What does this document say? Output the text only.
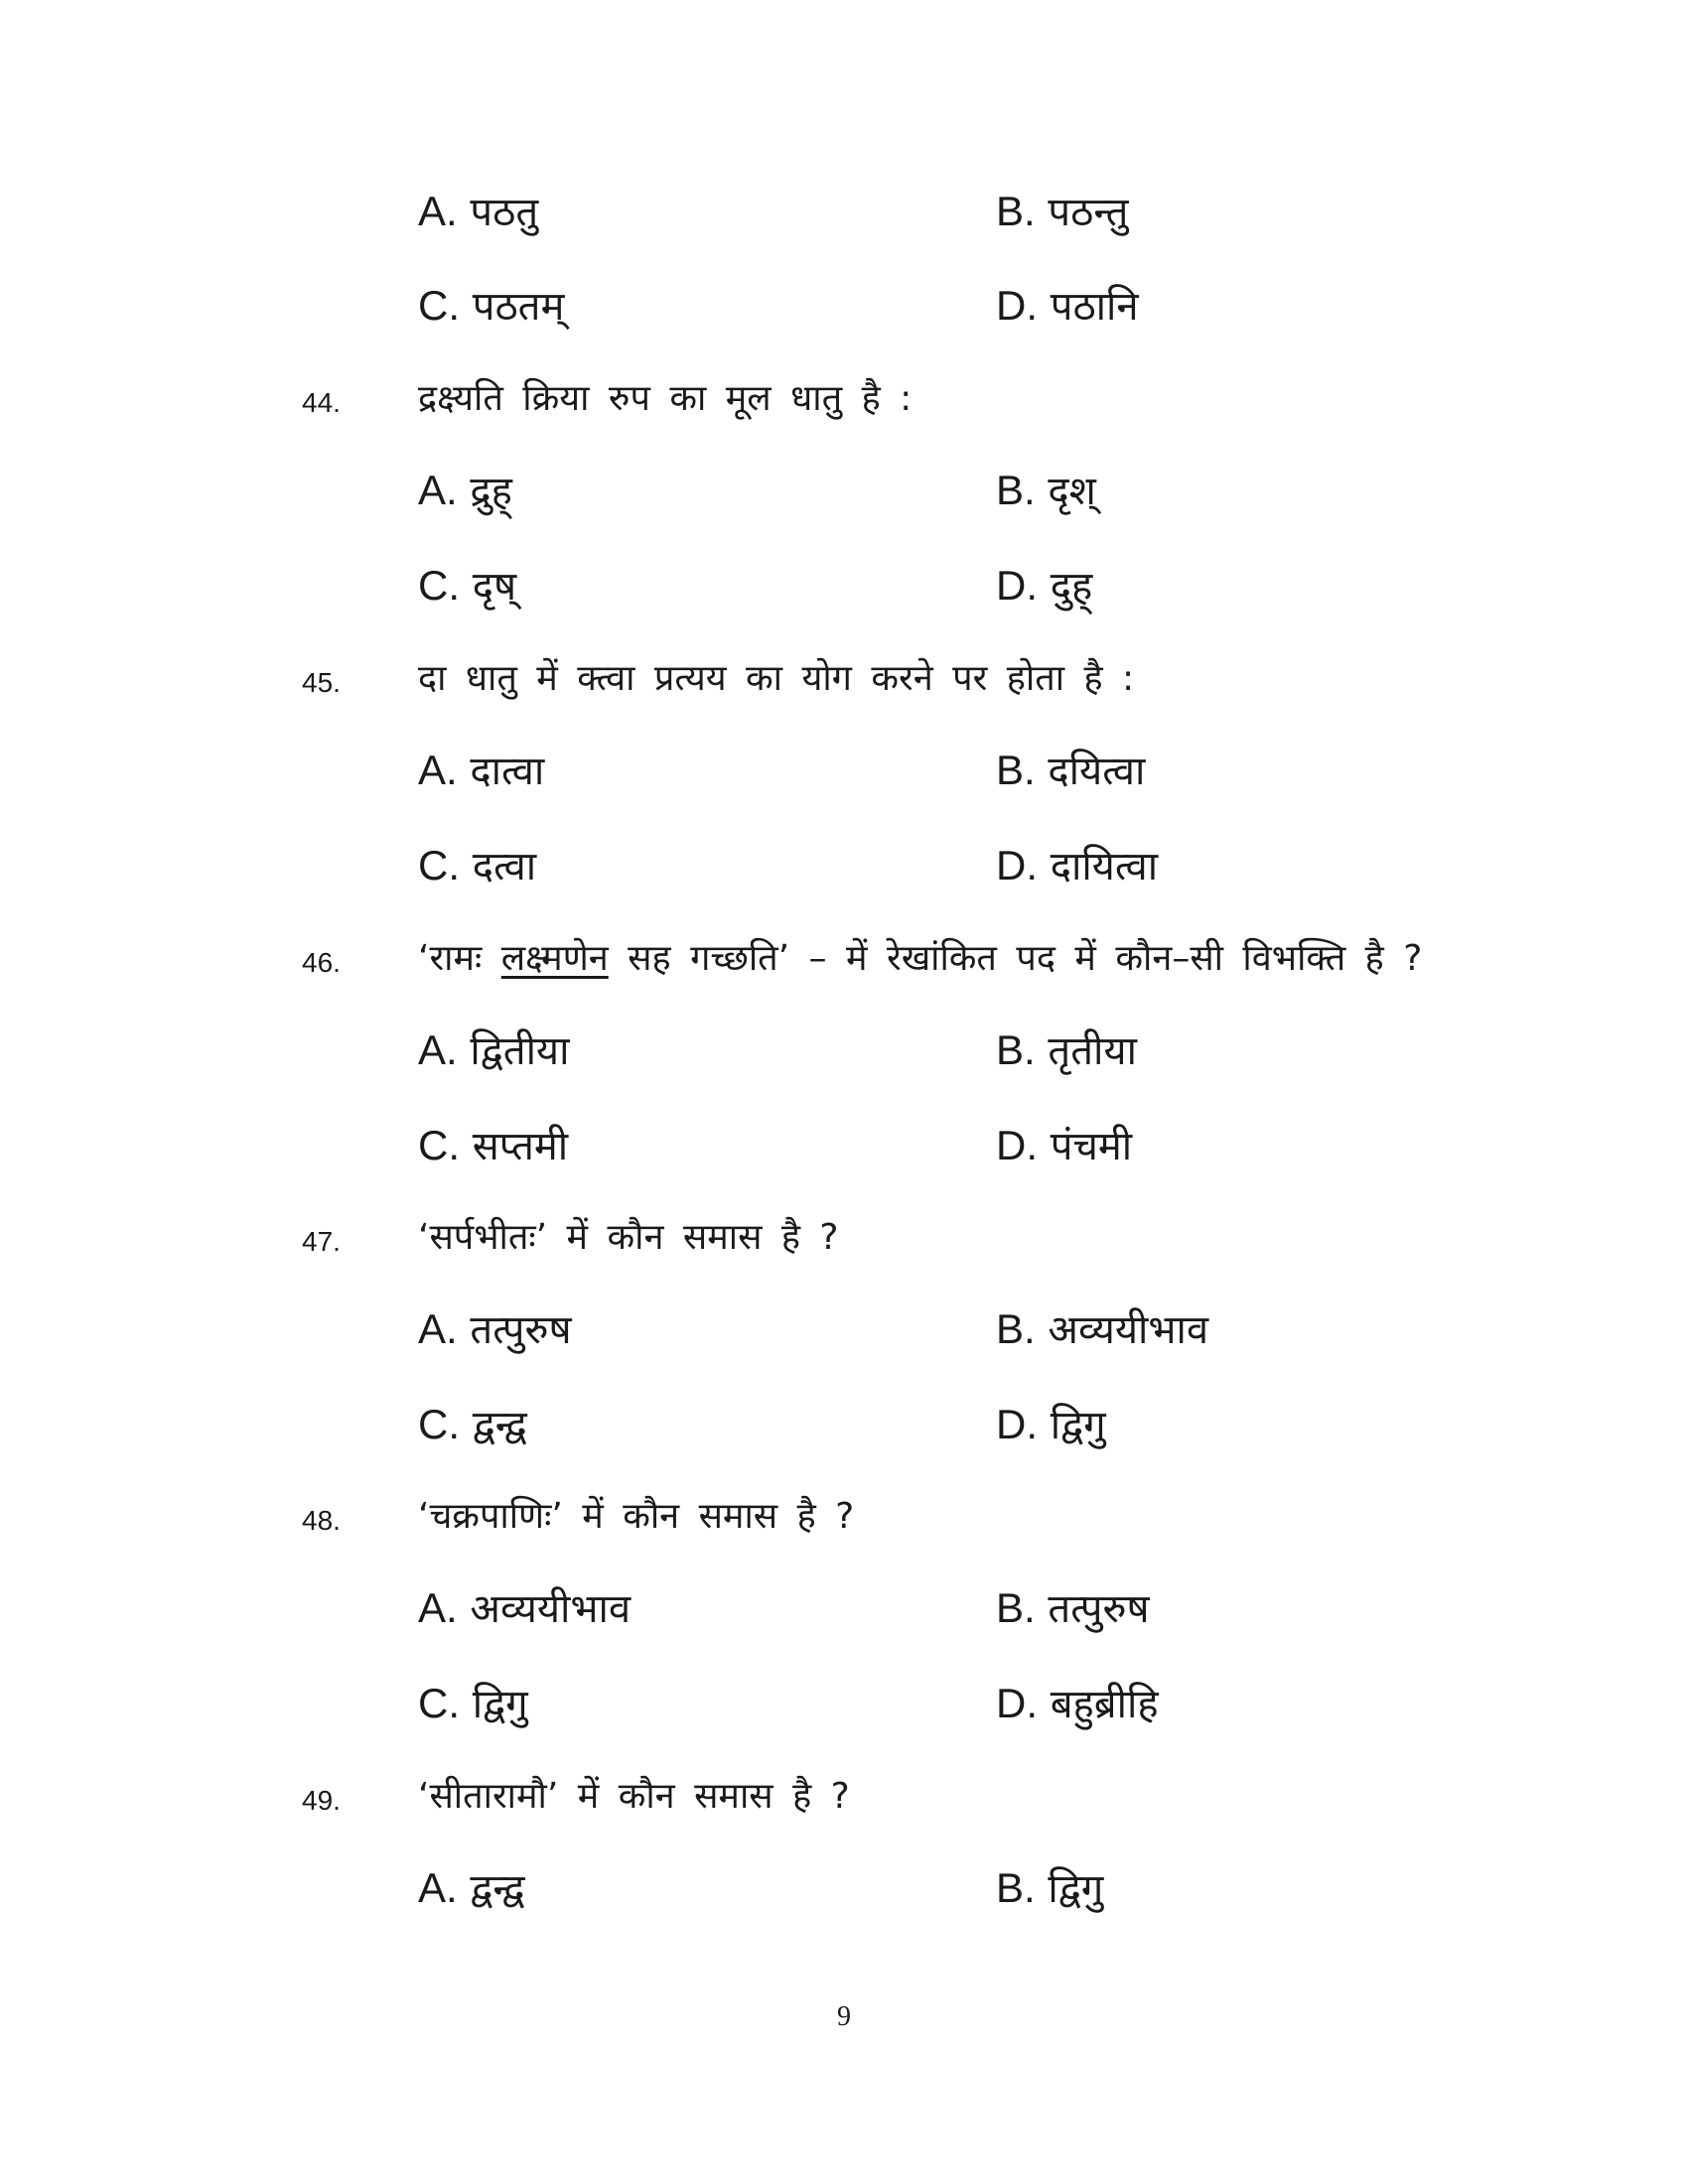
A. पठतु	B. पठन्तु
C. पठतम्	D. पठानि
44. द्रक्ष्यति क्रिया रुप का मूल धातु है :
A. द्रुह्	B. दृश्
C. दृष्	D. दुह्
45. दा धातु में क्त्वा प्रत्यय का योग करने पर होता है :
A. दात्वा	B. दयित्वा
C. दत्वा	D. दायित्वा
46. ‘रामः लक्ष्मणेन सह गच्छति’ – में रेखांकित पद में कौन–सी विभक्ति है ?
A. द्वितीया	B. तृतीया
C. सप्तमी	D. पंचमी
47. ‘सर्पभीतः’ में कौन समास है ?
A. तत्पुरुष	B. अव्ययीभाव
C. द्वन्द्व	D. द्विगु
48. ‘चक्रपाणिः’ में कौन समास है ?
A. अव्ययीभाव	B. तत्पुरुष
C. द्विगु	D. बहुब्रीहि
49. ‘सीतारामौ’ में कौन समास है ?
A. द्वन्द्व	B. द्विगु
9
